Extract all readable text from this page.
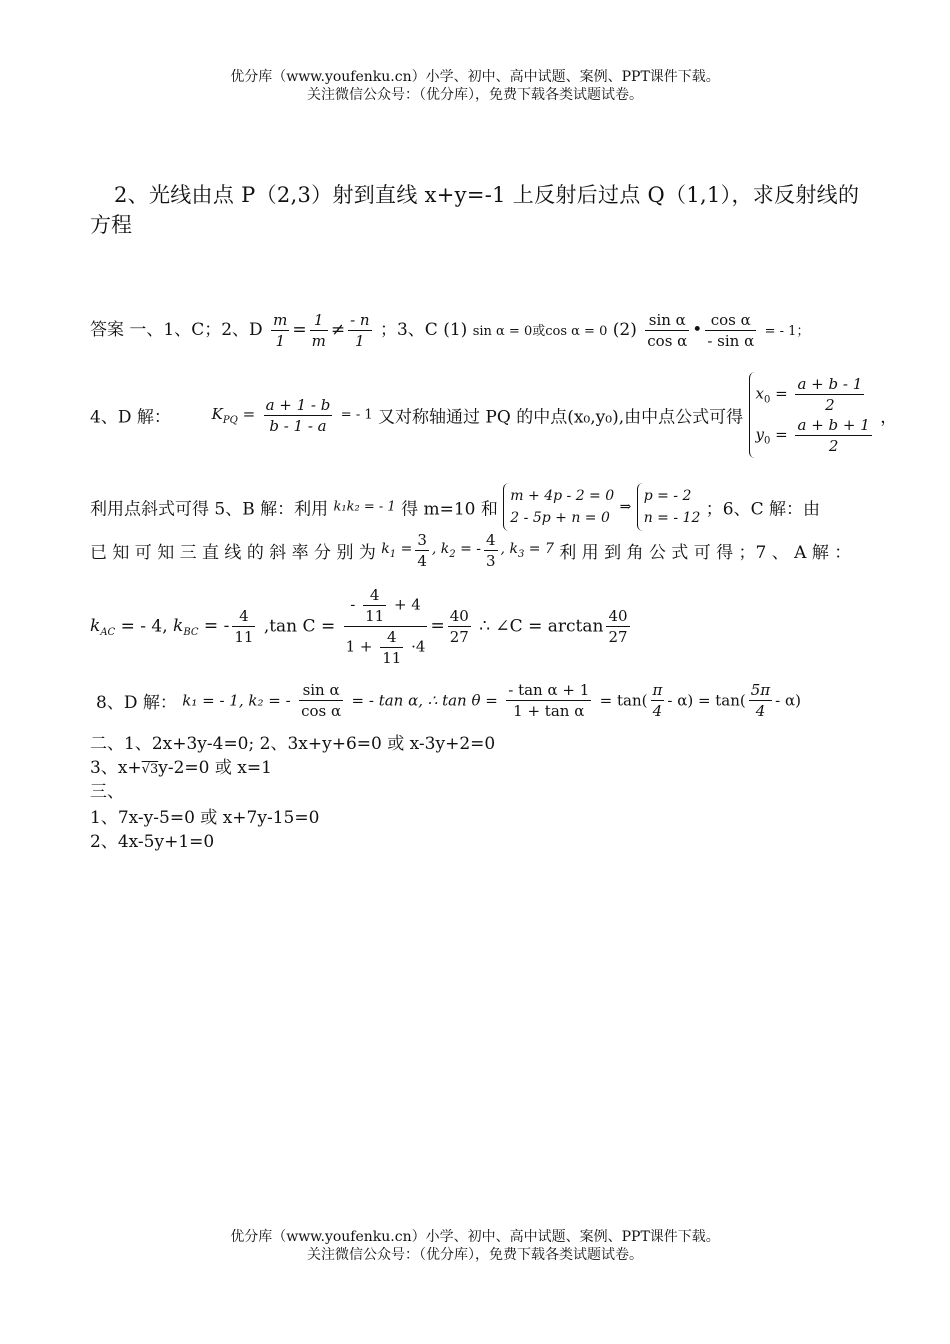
优分库（www.youfenku.cn）小学、初中、高中试题、案例、PPT课件下载。
关注微信公众号：（优分库），免费下载各类试题试卷。
2、光线由点 P（2,3）射到直线 x+y=-1 上反射后过点 Q（1,1），求反射线的
方程
答案 一、1、C；2、D $\frac{m}{1} = \frac{1}{m} \ne \frac{- n}{1}$ ；3、C (1) sin α = 0或cos α = 0 $(2) \frac{\text{sin α}}{\text{cos α}}$ • $\frac{\text{cos α}}{\text{- sin α}}$ = - 1；
4、D 解：	$K_{PQ} = \frac{a + 1 - b}{b - 1 - a}$ = - 1 又对称轴通过 PQ 的中点(x₀,y₀),由中点公式可得
$x_0 = \frac{a + b - 1}{2}$
$y_0 = \frac{a + b + 1}{2}$ ，
利用点斜式可得 5、B 解：利用 k₁k₂ = - 1 得 m=10 和
m + 4p - 2 = 0
2 - 5p + n = 0
⇒
p = - 2
n = - 12 ；6、C 解：由
已 知 可 知 三 直 线 的 斜 率 分 别 为 $k_1 = \frac{3}{4}$ , $k_2$ = - $\frac{4}{3}$ , $k_3 = 7$ 利 用 到 角 公 式 可 得 ；7 、 A 解 ：
$k_{AC}$ = - 4, $k_{BC}$ = - $\frac{4}{11} ,\tan$ $C = \frac{- \frac{4}{11} + 4}{1 + \frac{4}{11} \cdot 4} = \frac{40}{27}$ ∴ ∠C = $\arctan \frac{40}{27}$
8、D 解： k₁ = - 1, k₂ = - $\frac{\text{sin α}}{\text{cos α}}$ = - tan α, ∴ $\tan \theta = \frac{\text{- tan α + 1}}{\text{1 + tan α}} = \tan( \frac{\pi}{4} - \alpha) = \tan( \frac{5\pi}{4} - \alpha)$
二、1、2x+3y-4=0; 2、3x+y+6=0 或 x-3y+2=0
3、x+√3y-2=0 或 x=1
三、
1、7x-y-5=0 或 x+7y-15=0
2、4x-5y+1=0
优分库（www.youfenku.cn）小学、初中、高中试题、案例、PPT课件下载。
关注微信公众号：（优分库），免费下载各类试题试卷。
